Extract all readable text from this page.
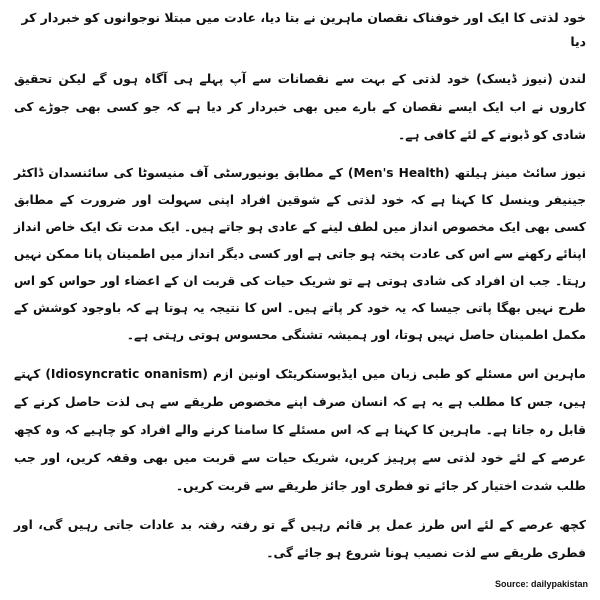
خود لذتی کا ایک اور خوفناک نقصان ماہرین نے بتا دیا، عادت میں مبتلا نوجوانوں کو خبردار کر دیا

لندن (نیوز ڈیسک) خود لذتی کے بہت سے نقصانات سے آپ پہلے ہی آگاہ ہوں گے لیکن تحقیق کاروں نے اب ایک ایسے نقصان کے بارے میں بھی خبردار کر دیا ہے کہ جو کسی بھی جوڑے کی شادی کو ڈبونے کے لئے کافی ہے۔

نیوز سائٹ مینز ہیلتھ (Men's Health) کے مطابق یونیورسٹی آف منیسوٹا کی سائنسدان ڈاکٹر جینیفر وینسل کا کہنا ہے کہ خود لذتی کے شوقین افراد اپنی سہولت اور ضرورت کے مطابق کسی بھی ایک مخصوص انداز میں لطف لینے کے عادی ہو جاتے ہیں۔ ایک مدت تک ایک خاص انداز اپنائے رکھنے سے اس کی عادت پختہ ہو جاتی ہے اور کسی دیگر انداز میں اطمینان پانا ممکن نہیں رہتا۔ جب ان افراد کی شادی ہوتی ہے تو شریک حیات کی قربت ان کے اعضاء اور حواس کو اس طرح نہیں بھگا پاتی جیسا کہ یہ خود کر پاتے ہیں۔ اس کا نتیجہ یہ ہوتا ہے کہ باوجود کوشش کے مکمل اطمینان حاصل نہیں ہوتا، اور ہمیشہ تشنگی محسوس ہوتی رہتی ہے۔

ماہرین اس مسئلے کو طبی زبان میں ایڈیوسنکریٹک اونین ازم (Idiosyncratic onanism) کہتے ہیں، جس کا مطلب ہے یہ ہے کہ انسان صرف اپنے مخصوص طریقے سے ہی لذت حاصل کرنے کے قابل رہ جاتا ہے۔ ماہرین کا کہنا ہے کہ اس مسئلے کا سامنا کرنے والے افراد کو چاہیے کہ وہ کچھ عرصے کے لئے خود لذتی سے پرہیز کریں، شریک حیات سے قربت میں بھی وقفہ کریں، اور جب طلب شدت اختیار کر جائے تو فطری اور جائز طریقے سے قربت کریں۔

کچھ عرصے کے لئے اس طرز عمل پر قائم رہیں گے تو رفتہ رفتہ بد عادات جاتی رہیں گی، اور فطری طریقے سے لذت نصیب ہونا شروع ہو جائے گی۔

Source: dailypakistan
